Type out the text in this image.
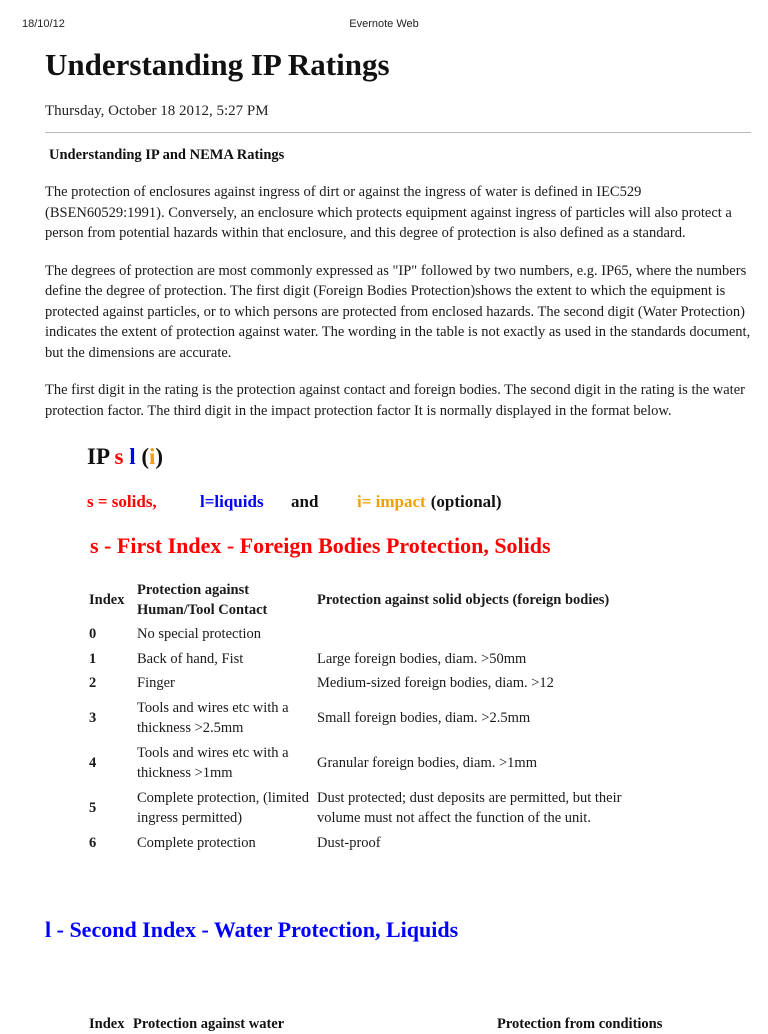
18/10/12	Evernote Web
Understanding IP Ratings
Thursday, October 18 2012, 5:27 PM
Understanding IP and NEMA Ratings

The protection of enclosures against ingress of dirt or against the ingress of water is defined in IEC529 (BSEN60529:1991). Conversely, an enclosure which protects equipment against ingress of particles will also protect a person from potential hazards within that enclosure, and this degree of protection is also defined as a standard.

The degrees of protection are most commonly expressed as "IP" followed by two numbers, e.g. IP65, where the numbers define the degree of protection. The first digit (Foreign Bodies Protection)shows the extent to which the equipment is protected against particles, or to which persons are protected from enclosed hazards. The second digit (Water Protection) indicates the extent of protection against water. The wording in the table is not exactly as used in the standards document, but the dimensions are accurate.

The first digit in the rating is the protection against contact and foreign bodies. The second digit in the rating is the water protection factor. The third digit in the impact protection factor It is normally displayed in the format below.

IP s l (i)
s = solids,	l=liquids and i= impact (optional)
s - First Index - Foreign Bodies Protection, Solids
Index	Protection against Human/Tool Contact	Protection against solid objects (foreign bodies)
0	No special protection	
1	Back of hand, Fist	Large foreign bodies, diam. >50mm
2	Finger	Medium-sized foreign bodies, diam. >12
3	Tools and wires etc with a thickness >2.5mm	Small foreign bodies, diam. >2.5mm
4	Tools and wires etc with a thickness >1mm	Granular foreign bodies, diam. >1mm
5	Complete protection, (limited ingress permitted)	Dust protected; dust deposits are permitted, but their volume must not affect the function of the unit.
6	Complete protection	Dust-proof
l - Second Index - Water Protection, Liquids
Index Protection against water	Protection from conditions
